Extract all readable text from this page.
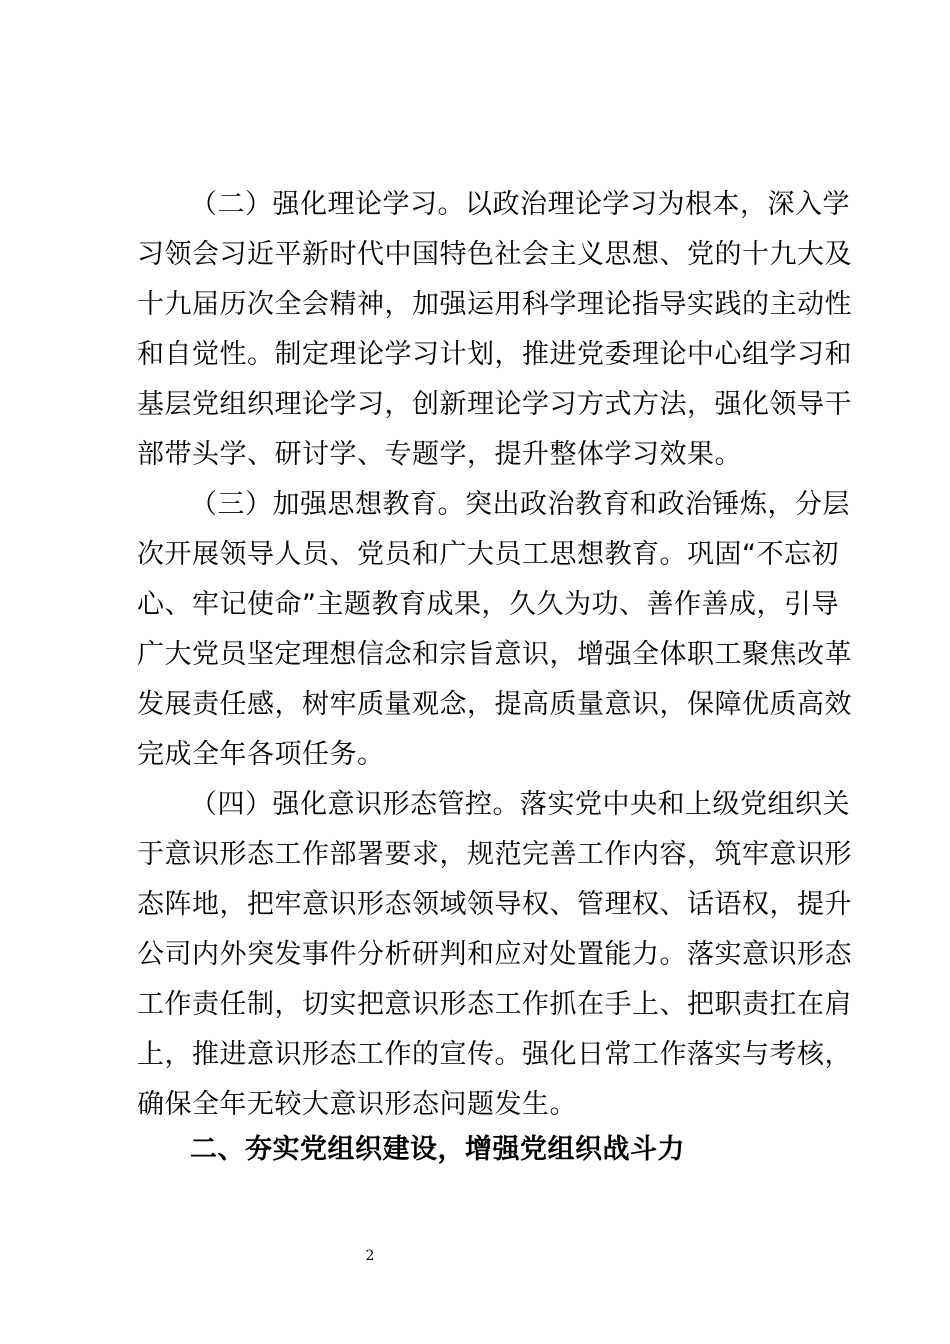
（二）强化理论学习。以政治理论学习为根本，深入学
习领会习近平新时代中国特色社会主义思想、党的十九大及
十九届历次全会精神，加强运用科学理论指导实践的主动性
和自觉性。制定理论学习计划，推进党委理论中心组学习和
基层党组织理论学习，创新理论学习方式方法，强化领导干
部带头学、研讨学、专题学，提升整体学习效果。
（三）加强思想教育。突出政治教育和政治锤炼，分层
次开展领导人员、党员和广大员工思想教育。巩固“不忘初
心、牢记使命”主题教育成果，久久为功、善作善成，引导
广大党员坚定理想信念和宗旨意识，增强全体职工聚焦改革
发展责任感，树牢质量观念，提高质量意识，保障优质高效
完成全年各项任务。
（四）强化意识形态管控。落实党中央和上级党组织关
于意识形态工作部署要求，规范完善工作内容，筑牢意识形
态阵地，把牢意识形态领域领导权、管理权、话语权，提升
公司内外突发事件分析研判和应对处置能力。落实意识形态
工作责任制，切实把意识形态工作抓在手上、把职责扛在肩
上，推进意识形态工作的宣传。强化日常工作落实与考核，
确保全年无较大意识形态问题发生。
二、夯实党组织建设，增强党组织战斗力
2
